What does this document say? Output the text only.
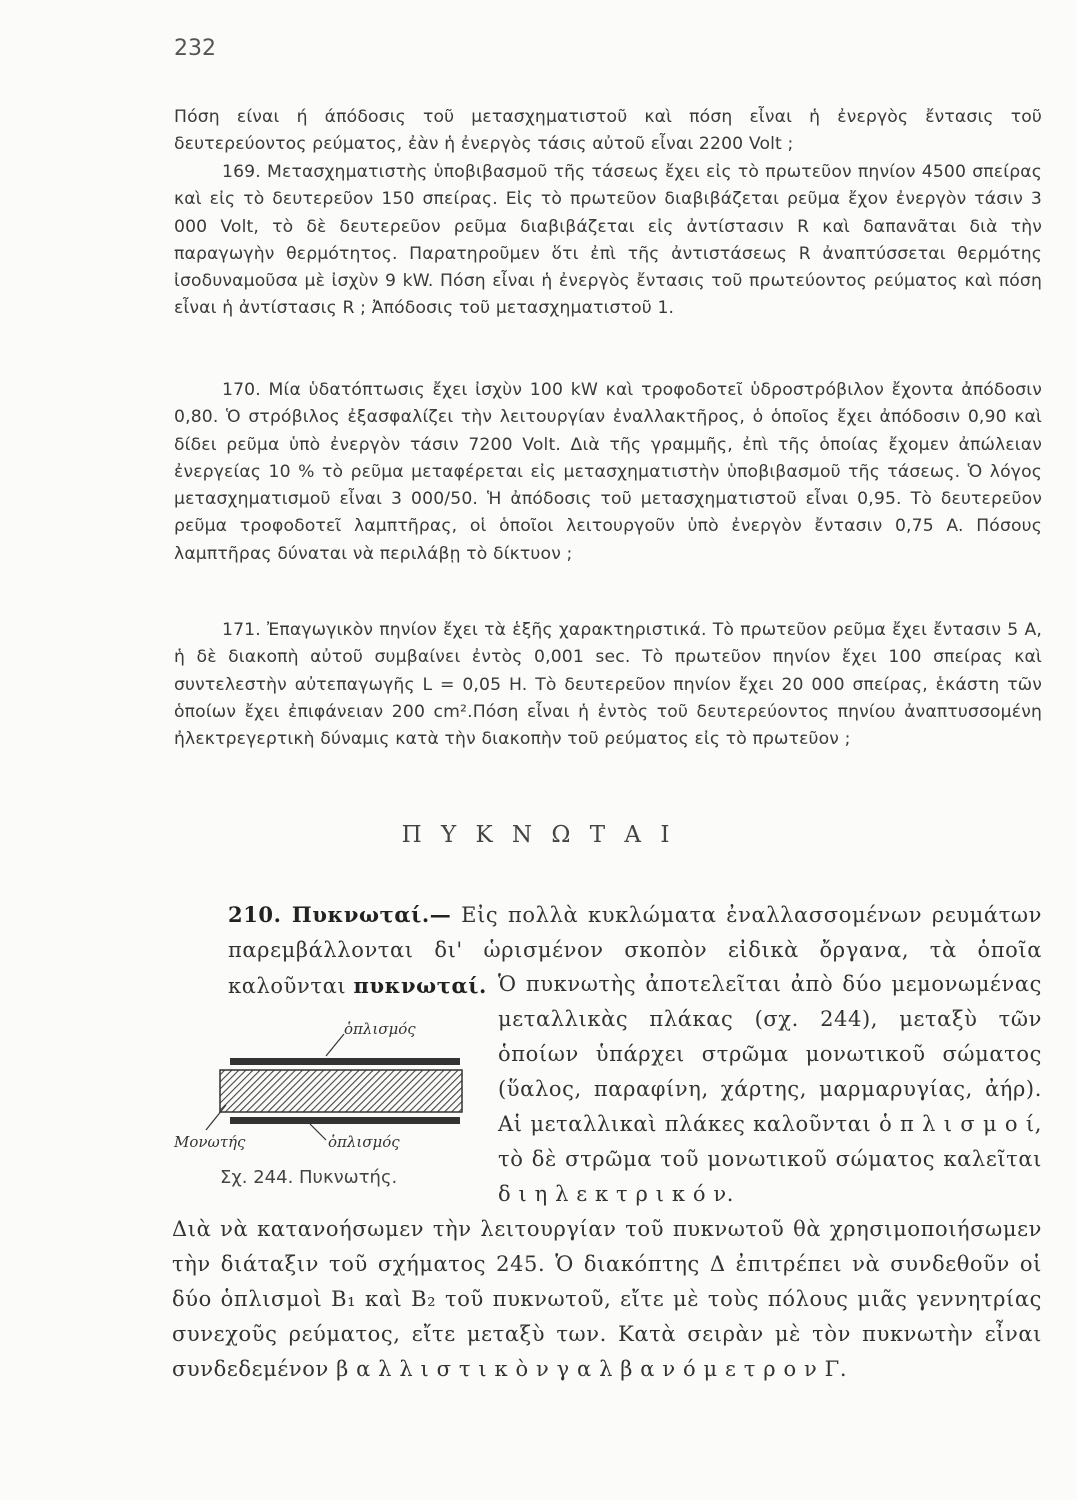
232

Πόση είναι ή άπόδοσις τοῦ μετασχηματιστοῦ καὶ πόση εἶναι ἡ ἐνεργὸς ἔντασις τοῦ δευτερεύοντος ρεύματος, ἐὰν ἡ ἐνεργὸς τάσις αὐτοῦ εἶναι 2200 Volt ;

169. Μετασχηματιστὴς ὑποβιβασμοῦ τῆς τάσεως ἔχει εἰς τὸ πρωτεῦον πηνίον 4500 σπείρας καὶ εἰς τὸ δευτερεῦον 150 σπείρας. Εἰς τὸ πρωτεῦον διαβιβάζεται ρεῦμα ἔχον ἐνεργὸν τάσιν 3 000 Volt, τὸ δὲ δευτερεῦον ρεῦμα διαβιβάζεται εἰς ἀντίστασιν R καὶ δαπανᾶται διὰ τὴν παραγωγὴν θερμότητος. Παρατηροῦμεν ὅτι ἐπὶ τῆς ἀντιστάσεως R ἀναπτύσσεται θερμότης ἰσοδυναμοῦσα μὲ ἰσχὺν 9 kW. Πόση εἶναι ἡ ἐνεργὸς ἔντασις τοῦ πρωτεύοντος ρεύματος καὶ πόση εἶναι ἡ ἀντίστασις R ; Ἀπόδοσις τοῦ μετασχηματιστοῦ 1.

170. Μία ὑδατόπτωσις ἔχει ἰσχὺν 100 kW καὶ τροφοδοτεῖ ὑδροστρόβιλον ἔχοντα ἀπόδοσιν 0,80. Ὁ στρόβιλος ἐξασφαλίζει τὴν λειτουργίαν ἐναλλακτῆρος, ὁ ὁποῖος ἔχει ἀπόδοσιν 0,90 καὶ δίδει ρεῦμα ὑπὸ ἐνεργὸν τάσιν 7200 Volt. Διὰ τῆς γραμμῆς, ἐπὶ τῆς ὁποίας ἔχομεν ἀπώλειαν ἐνεργείας 10 % τὸ ρεῦμα μεταφέρεται εἰς μετασχηματιστὴν ὑποβιβασμοῦ τῆς τάσεως. Ὁ λόγος μετασχηματισμοῦ εἶναι 3 000/50. Ἡ ἀπόδοσις τοῦ μετασχηματιστοῦ εἶναι 0,95. Τὸ δευτερεῦον ρεῦμα τροφοδοτεῖ λαμπτῆρας, οἱ ὁποῖοι λειτουργοῦν ὑπὸ ἐνεργὸν ἔντασιν 0,75 A. Πόσους λαμπτῆρας δύναται νὰ περιλάβῃ τὸ δίκτυον ;

171. Ἐπαγωγικὸν πηνίον ἔχει τὰ ἑξῆς χαρακτηριστικά. Τὸ πρωτεῦον ρεῦμα ἔχει ἔντασιν 5 A, ἡ δὲ διακοπὴ αὐτοῦ συμβαίνει ἐντὸς 0,001 sec. Τὸ πρωτεῦον πηνίον ἔχει 100 σπείρας καὶ συντελεστὴν αὐτεπαγωγῆς L = 0,05 H. Τὸ δευτερεῦον πηνίον ἔχει 20 000 σπείρας, ἑκάστη τῶν ὁποίων ἔχει ἐπιφάνειαν 200 cm².Πόση εἶναι ἡ ἐντὸς τοῦ δευτερεύοντος πηνίου ἀναπτυσσομένη ἠλεκτρεγερτικὴ δύναμις κατὰ τὴν διακοπὴν τοῦ ρεύματος εἰς τὸ πρωτεῦον ;

Π Υ Κ Ν Ω Τ Α Ι

210. Πυκνωταί.— Εἰς πολλὰ κυκλώματα ἐναλλασσομένων ρευμάτων παρεμβάλλονται δι' ὡρισμένον σκοπὸν εἰδικὰ ὄργανα, τὰ ὁποῖα καλοῦνται πυκνωταί. Ὁ πυκνωτὴς ἀποτελεῖται ἀπὸ δύο μεμονωμένας μεταλλικὰς πλάκας (σχ. 244), μεταξὺ τῶν ὁποίων ὑπάρχει στρῶμα μονωτικοῦ σώματος (ὕαλος, παραφίνη, χάρτης, μαρμαρυγίας, ἀήρ). Αἱ μεταλλικαὶ πλάκες καλοῦνται ὁ π λ ι σ μ ο ί, τὸ δὲ στρῶμα τοῦ μονωτικοῦ σώματος καλεῖται δ ι η λ ε κ τ ρ ι κ ό ν.

Διὰ νὰ κατανοήσωμεν τὴν λειτουργίαν τοῦ πυκνωτοῦ θὰ χρησιμοποιήσωμεν τὴν διάταξιν τοῦ σχήματος 245. Ὁ διακόπτης Δ ἐπιτρέπει νὰ συνδεθοῦν οἱ δύο ὁπλισμοὶ B₁ καὶ B₂ τοῦ πυκνωτοῦ, εἴτε μὲ τοὺς πόλους μιᾶς γεννητρίας συνεχοῦς ρεύματος, εἴτε μεταξὺ των. Κατὰ σειρὰν μὲ τὸν πυκνωτὴν εἶναι συνδεδεμένον β α λ λ ι σ τ ι κ ὸ ν γ α λ β α ν ό μ ε τ ρ ο ν Γ.

ὁπλισμός
Μονωτής	ὁπλισμός
Σχ. 244. Πυκνωτής.
